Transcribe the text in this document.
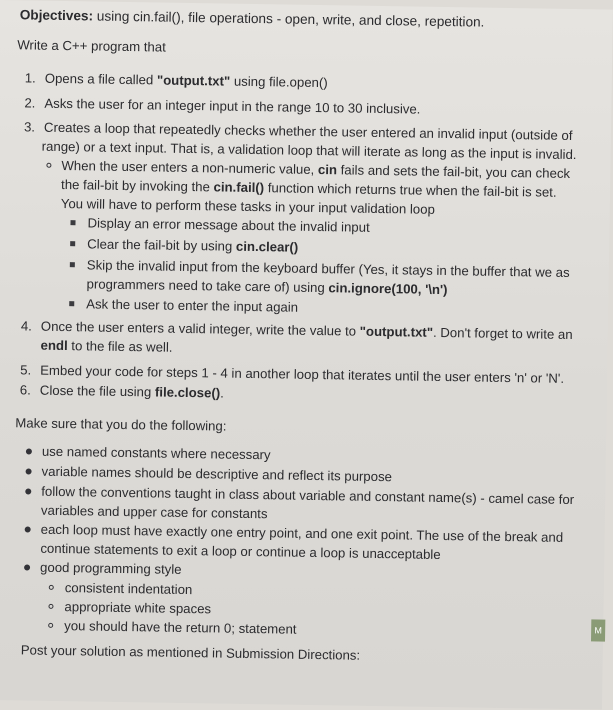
Objectives: using cin.fail(), file operations - open, write, and close, repetition.
Write a C++ program that
1. Opens a file called "output.txt" using file.open()
2. Asks the user for an integer input in the range 10 to 30 inclusive.
3. Creates a loop that repeatedly checks whether the user entered an invalid input (outside of
range) or a text input. That is, a validation loop that will iterate as long as the input is invalid.
When the user enters a non-numeric value, cin fails and sets the fail-bit, you can check
the fail-bit by invoking the cin.fail() function which returns true when the fail-bit is set.
You will have to perform these tasks in your input validation loop
Display an error message about the invalid input
Clear the fail-bit by using cin.clear()
Skip the invalid input from the keyboard buffer (Yes, it stays in the buffer that we as
programmers need to take care of) using cin.ignore(100, '\n')
Ask the user to enter the input again
4. Once the user enters a valid integer, write the value to "output.txt". Don't forget to write an
endl to the file as well.
5. Embed your code for steps 1 - 4 in another loop that iterates until the user enters 'n' or 'N'.
6. Close the file using file.close().
Make sure that you do the following:
use named constants where necessary
variable names should be descriptive and reflect its purpose
follow the conventions taught in class about variable and constant name(s) - camel case for
variables and upper case for constants
each loop must have exactly one entry point, and one exit point. The use of the break and
continue statements to exit a loop or continue a loop is unacceptable
good programming style
consistent indentation
appropriate white spaces
you should have the return 0; statement
Post your solution as mentioned in Submission Directions:
M
